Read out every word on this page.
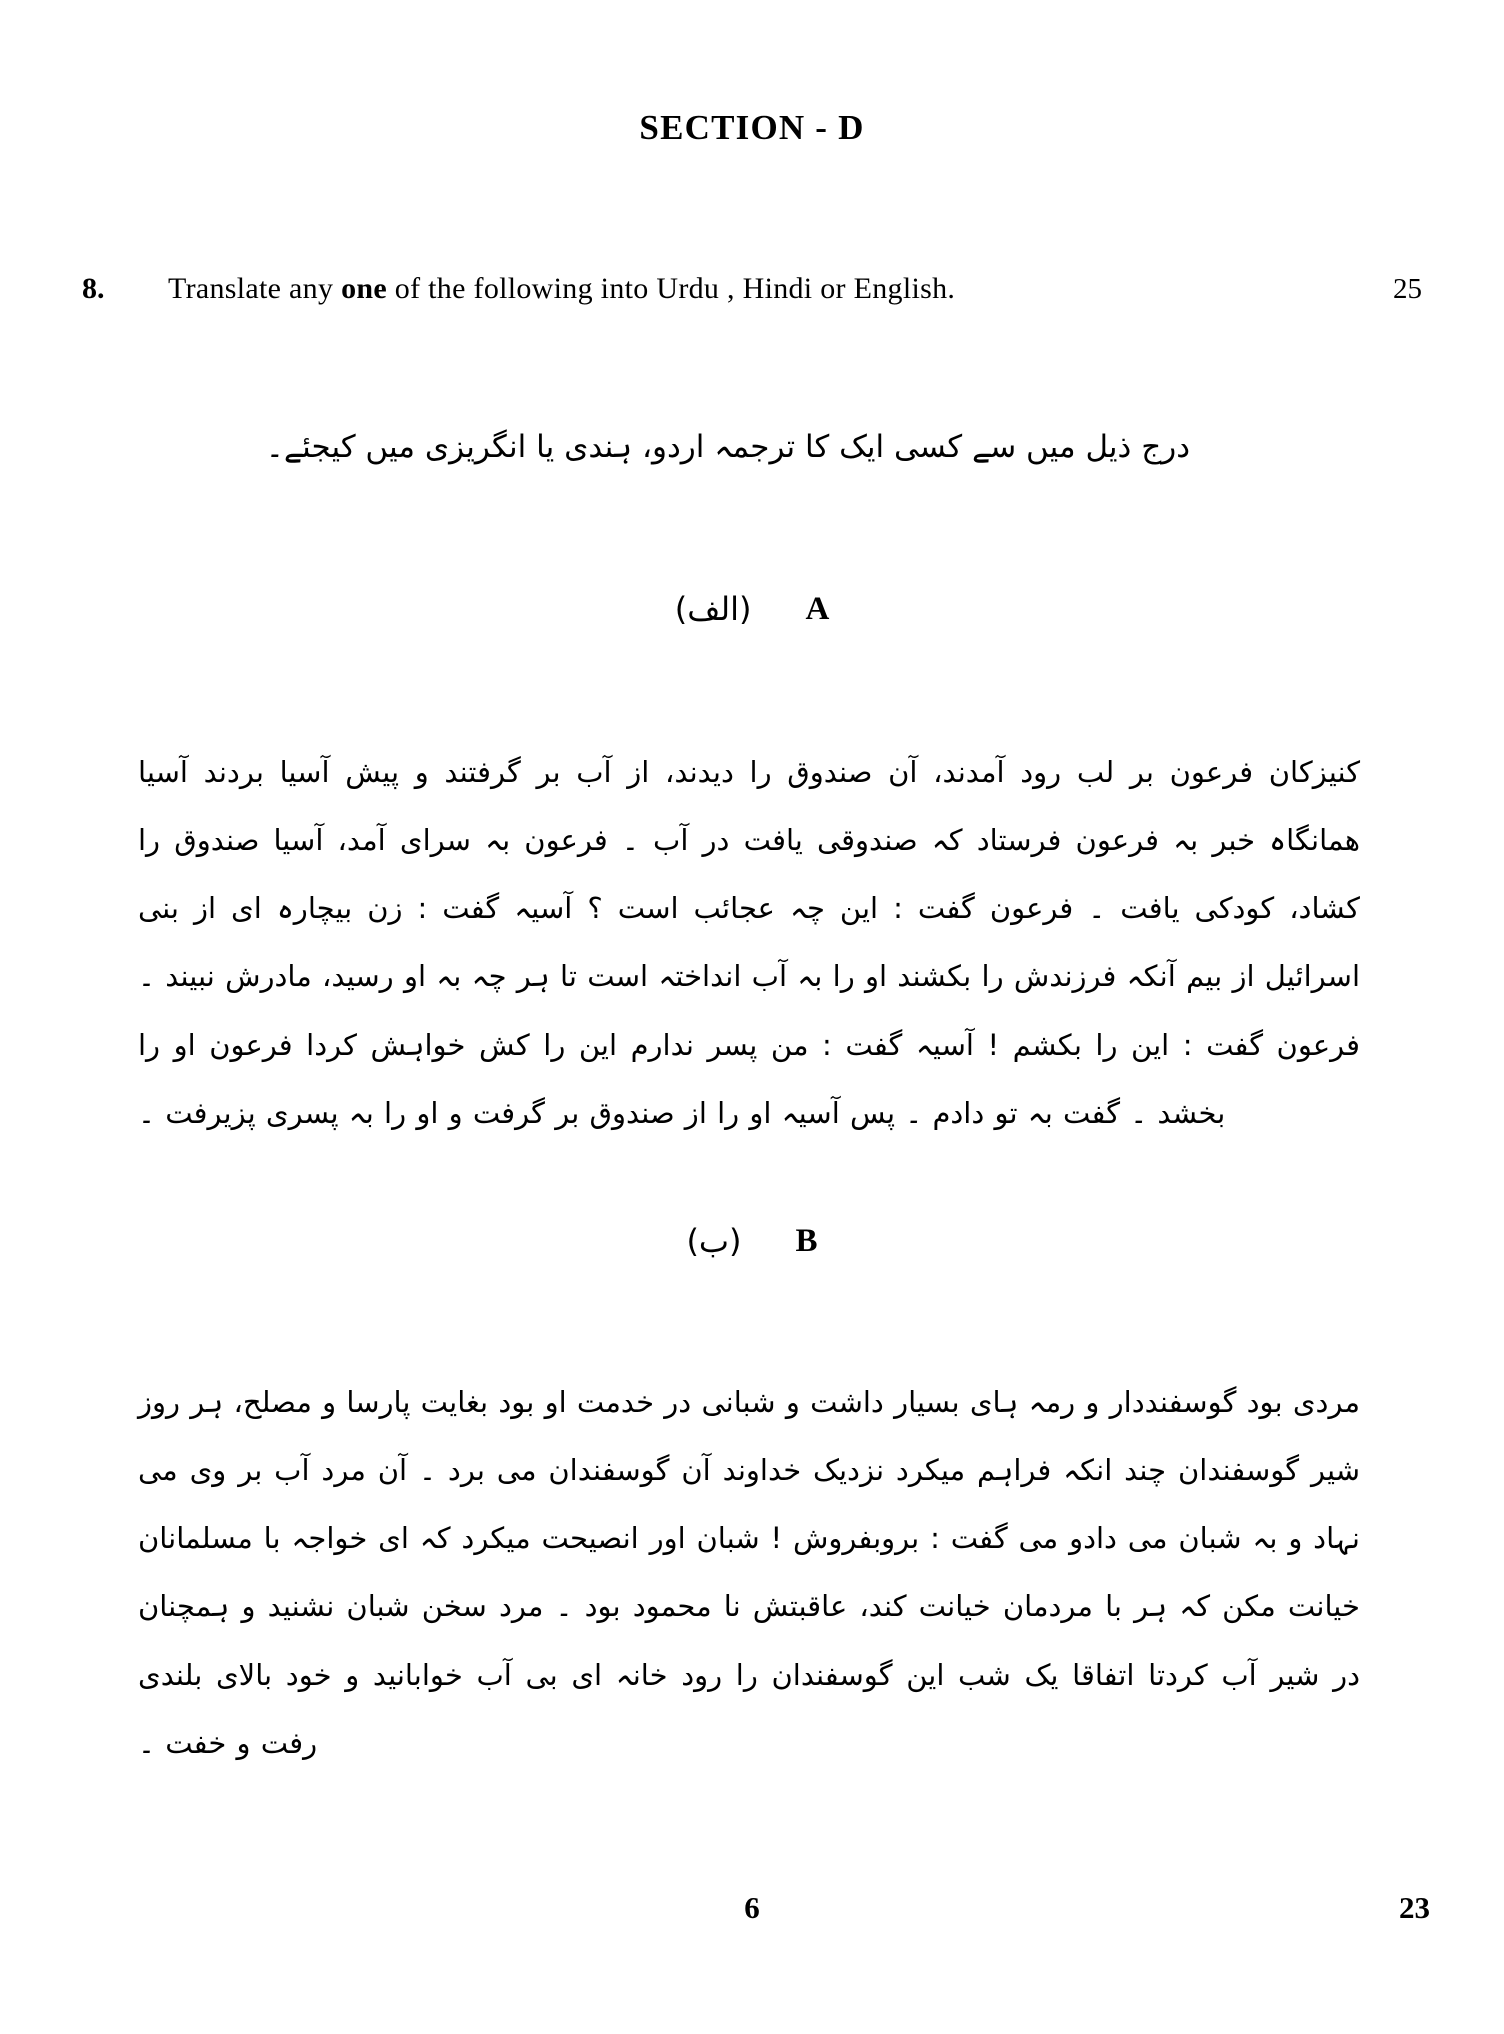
SECTION - D
8. Translate any one of the following into Urdu , Hindi or English.	25
درج ذیل میں سے کسی ایک کا ترجمہ اردو، ہندی یا انگریزی میں کیجئے۔
(الف) A
کنیزکان فرعون بر لب رود آمدند، آن صندوق را دیدند، از آب بر گرفتند و پیش آسیا بردند آسیا همانگاہ خبر بہ فرعون فرستاد کہ صندوقی یافت در آب ۔ فرعون بہ سرای آمد، آسیا صندوق را کشاد، کودکی یافت ۔ فرعون گفت : این چہ عجائب است ؟ آسیہ گفت : زن بیچارہ ای از بنی اسرائیل از بیم آنکہ فرزندش را بکشند او را بہ آب انداختہ است تا ہر چہ بہ او رسید، مادرش نبیند ۔ فرعون گفت : این را بکشم ! آسیہ گفت : من پسر ندارم این را کش خواہش کردا فرعون او را بخشد ۔ گفت بہ تو دادم ۔ پس آسیہ او را از صندوق بر گرفت و او را بہ پسری پزیرفت ۔
(ب) B
مردی بود گوسفنددار و رمہ ہای بسیار داشت و شبانی در خدمت او بود بغایت پارسا و مصلح، ہر روز شیر گوسفندان چند انکہ فراہم میکرد نزدیک خداوند آن گوسفندان می برد ۔ آن مرد آب بر وی می نہاد و بہ شبان می دادو می گفت : بروبفروش ! شبان اور انصیحت میکرد کہ ای خواجہ با مسلمانان خیانت مکن کہ ہر با مردمان خیانت کند، عاقبتش نا محمود بود ۔ مرد سخن شبان نشنید و ہمچنان در شیر آب کردتا اتفاقا یک شب این گوسفندان را رود خانہ ای بی آب خوابانید و خود بالای بلندی رفت و خفت ۔
6	23
